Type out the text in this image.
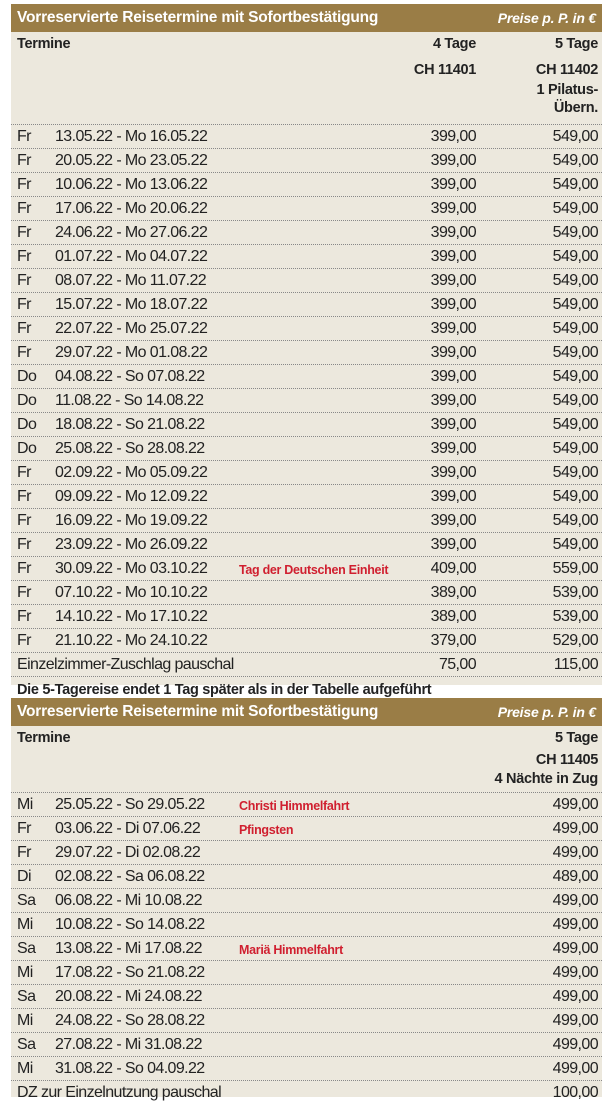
Vorreservierte Reisetermine mit Sofortbestätigung	Preise p. P. in €
Termine	4 Tage	5 Tage
CH 11401	CH 11402
1 Pilatus-
Übern.
Fr 13.05.22 - Mo 16.05.22	399,00	549,00
Fr 20.05.22 - Mo 23.05.22	399,00	549,00
Fr 10.06.22 - Mo 13.06.22	399,00	549,00
Fr 17.06.22 - Mo 20.06.22	399,00	549,00
Fr 24.06.22 - Mo 27.06.22	399,00	549,00
Fr 01.07.22 - Mo 04.07.22	399,00	549,00
Fr 08.07.22 - Mo 11.07.22	399,00	549,00
Fr 15.07.22 - Mo 18.07.22	399,00	549,00
Fr 22.07.22 - Mo 25.07.22	399,00	549,00
Fr 29.07.22 - Mo 01.08.22	399,00	549,00
Do 04.08.22 - So 07.08.22	399,00	549,00
Do 11.08.22 - So 14.08.22	399,00	549,00
Do 18.08.22 - So 21.08.22	399,00	549,00
Do 25.08.22 - So 28.08.22	399,00	549,00
Fr 02.09.22 - Mo 05.09.22	399,00	549,00
Fr 09.09.22 - Mo 12.09.22	399,00	549,00
Fr 16.09.22 - Mo 19.09.22	399,00	549,00
Fr 23.09.22 - Mo 26.09.22	399,00	549,00
Fr 30.09.22 - Mo 03.10.22	Tag der Deutschen Einheit	409,00	559,00
Fr 07.10.22 - Mo 10.10.22	389,00	539,00
Fr 14.10.22 - Mo 17.10.22	389,00	539,00
Fr 21.10.22 - Mo 24.10.22	379,00	529,00
Einzelzimmer-Zuschlag pauschal	75,00	115,00
Die 5-Tagereise endet 1 Tag später als in der Tabelle aufgeführt
Vorreservierte Reisetermine mit Sofortbestätigung	Preise p. P. in €
Termine	5 Tage
CH 11405
4 Nächte in Zug
Mi 25.05.22 - So 29.05.22	Christi Himmelfahrt	499,00
Fr 03.06.22 - Di 07.06.22	Pfingsten	499,00
Fr 29.07.22 - Di 02.08.22	499,00
Di 02.08.22 - Sa 06.08.22	489,00
Sa 06.08.22 - Mi 10.08.22	499,00
Mi 10.08.22 - So 14.08.22	499,00
Sa 13.08.22 - Mi 17.08.22	Mariä Himmelfahrt	499,00
Mi 17.08.22 - So 21.08.22	499,00
Sa 20.08.22 - Mi 24.08.22	499,00
Mi 24.08.22 - So 28.08.22	499,00
Sa 27.08.22 - Mi 31.08.22	499,00
Mi 31.08.22 - So 04.09.22	499,00
DZ zur Einzelnutzung pauschal	100,00
